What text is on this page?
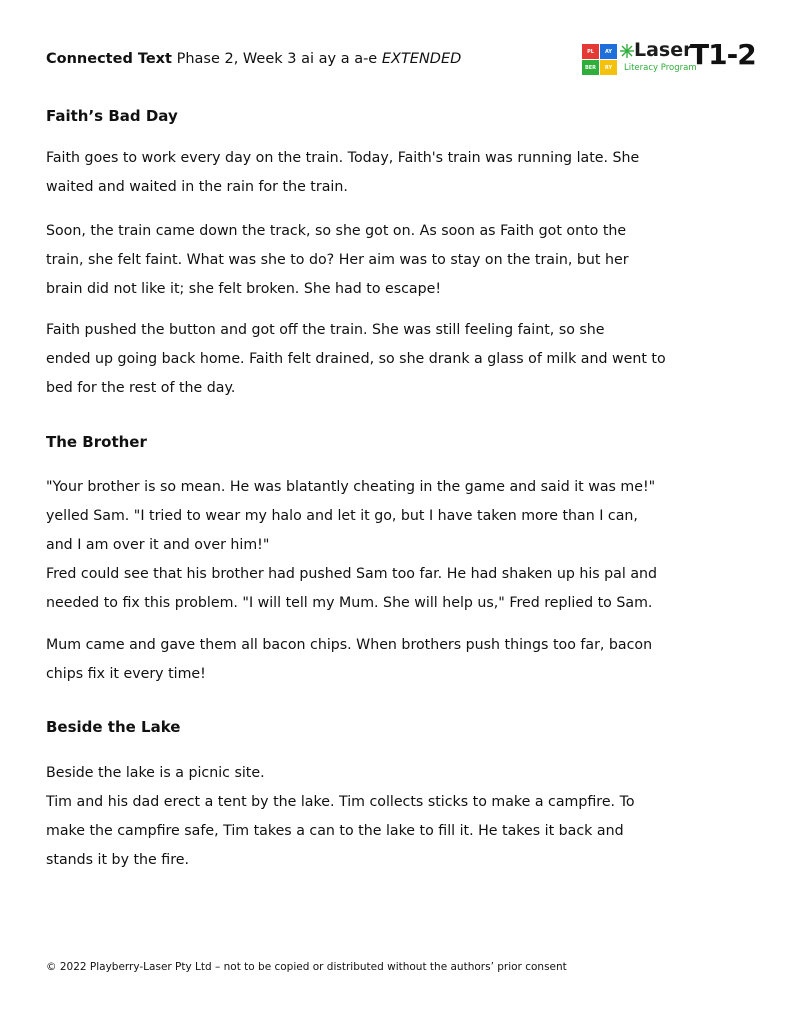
Connected Text Phase 2, Week 3 ai ay a a-e EXTENDED	PL	AY
BER	RY
Laser
Literacy Program
T1-2
Faith’s Bad Day

Faith goes to work every day on the train. Today, Faith's train was running late. She
waited and waited in the rain for the train.

Soon, the train came down the track, so she got on. As soon as Faith got onto the
train, she felt faint. What was she to do? Her aim was to stay on the train, but her
brain did not like it; she felt broken. She had to escape!

Faith pushed the button and got off the train. She was still feeling faint, so she
ended up going back home. Faith felt drained, so she drank a glass of milk and went to
bed for the rest of the day.

The Brother

"Your brother is so mean. He was blatantly cheating in the game and said it was me!"
yelled Sam. "I tried to wear my halo and let it go, but I have taken more than I can,
and I am over it and over him!"
Fred could see that his brother had pushed Sam too far. He had shaken up his pal and
needed to fix this problem. "I will tell my Mum. She will help us," Fred replied to Sam.

Mum came and gave them all bacon chips. When brothers push things too far, bacon
chips fix it every time!

Beside the Lake

Beside the lake is a picnic site.
Tim and his dad erect a tent by the lake. Tim collects sticks to make a campfire. To
make the campfire safe, Tim takes a can to the lake to fill it. He takes it back and
stands it by the fire.

© 2022 Playberry-Laser Pty Ltd – not to be copied or distributed without the authors’ prior consent
